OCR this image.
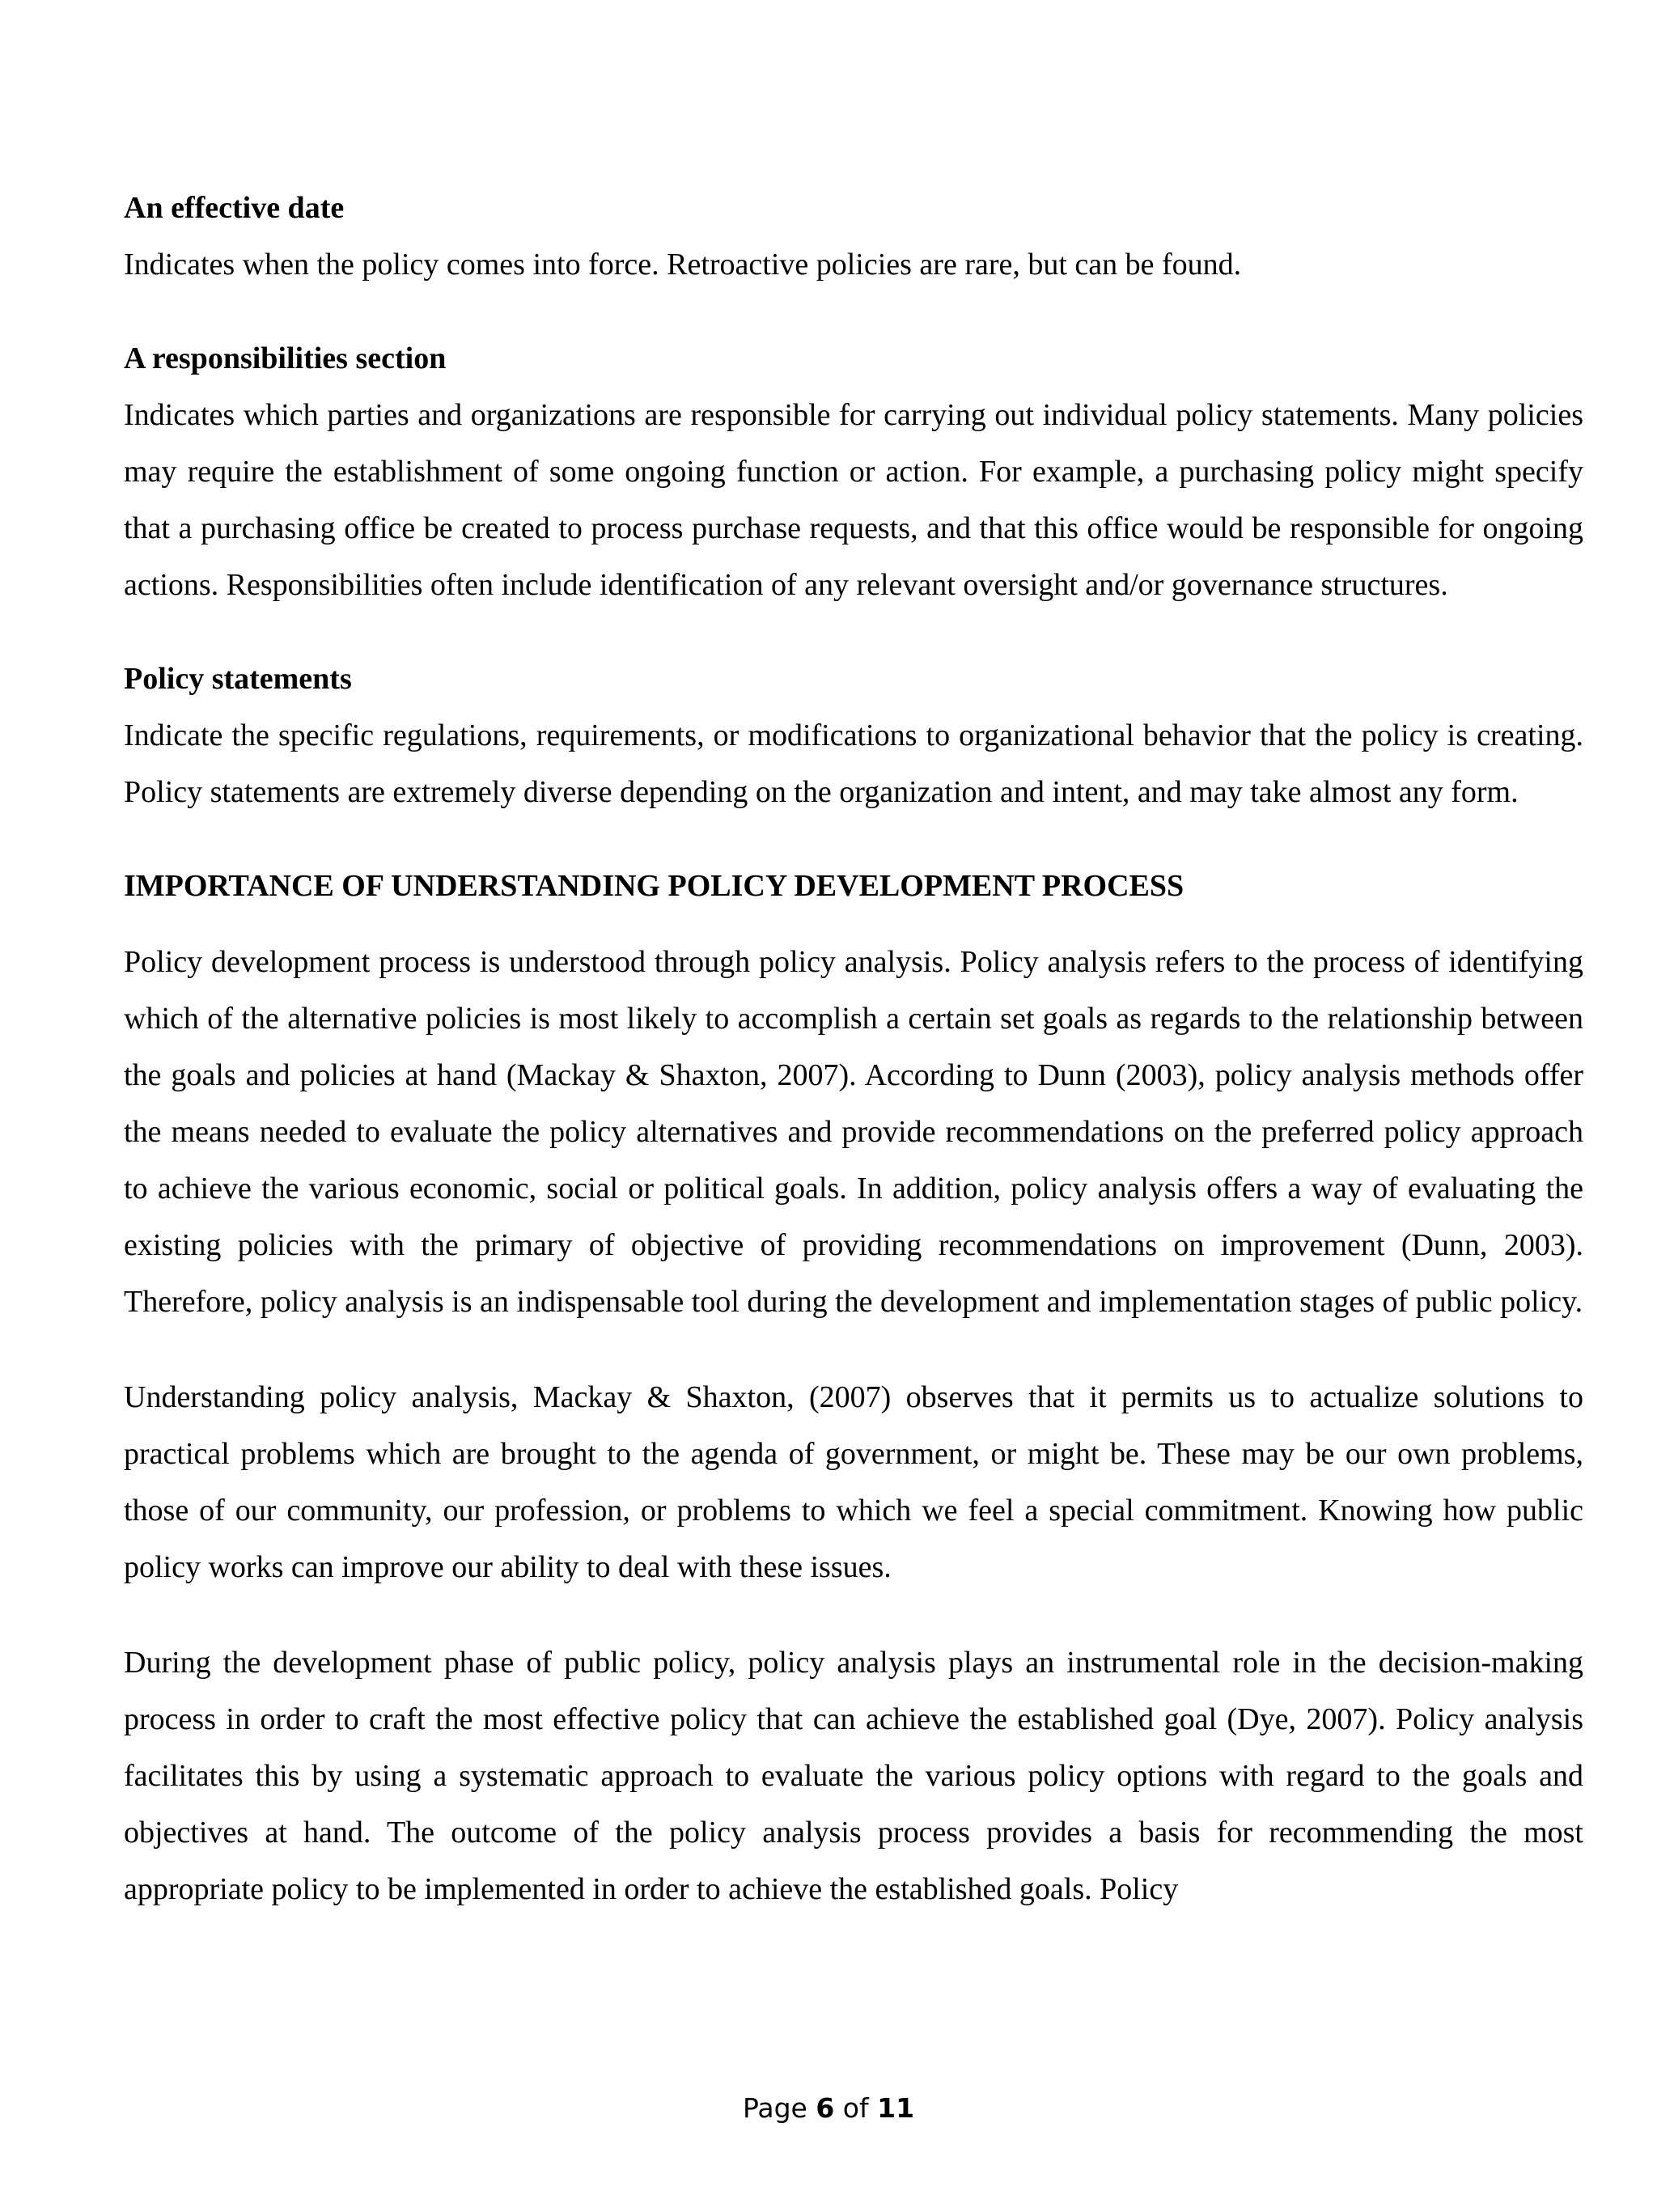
An effective date

Indicates when the policy comes into force. Retroactive policies are rare, but can be found.

A responsibilities section

Indicates which parties and organizations are responsible for carrying out individual policy statements. Many policies may require the establishment of some ongoing function or action. For example, a purchasing policy might specify that a purchasing office be created to process purchase requests, and that this office would be responsible for ongoing actions. Responsibilities often include identification of any relevant oversight and/or governance structures.

Policy statements

Indicate the specific regulations, requirements, or modifications to organizational behavior that the policy is creating. Policy statements are extremely diverse depending on the organization and intent, and may take almost any form.

IMPORTANCE OF UNDERSTANDING POLICY DEVELOPMENT PROCESS

Policy development process is understood through policy analysis. Policy analysis refers to the process of identifying which of the alternative policies is most likely to accomplish a certain set goals as regards to the relationship between the goals and policies at hand (Mackay & Shaxton, 2007). According to Dunn (2003), policy analysis methods offer the means needed to evaluate the policy alternatives and provide recommendations on the preferred policy approach to achieve the various economic, social or political goals. In addition, policy analysis offers a way of evaluating the existing policies with the primary of objective of providing recommendations on improvement (Dunn, 2003). Therefore, policy analysis is an indispensable tool during the development and implementation stages of public policy.

Understanding policy analysis, Mackay & Shaxton, (2007) observes that it permits us to actualize solutions to practical problems which are brought to the agenda of government, or might be. These may be our own problems, those of our community, our profession, or problems to which we feel a special commitment. Knowing how public policy works can improve our ability to deal with these issues.

During the development phase of public policy, policy analysis plays an instrumental role in the decision-making process in order to craft the most effective policy that can achieve the established goal (Dye, 2007). Policy analysis facilitates this by using a systematic approach to evaluate the various policy options with regard to the goals and objectives at hand. The outcome of the policy analysis process provides a basis for recommending the most appropriate policy to be implemented in order to achieve the established goals. Policy

Page 6 of 11
